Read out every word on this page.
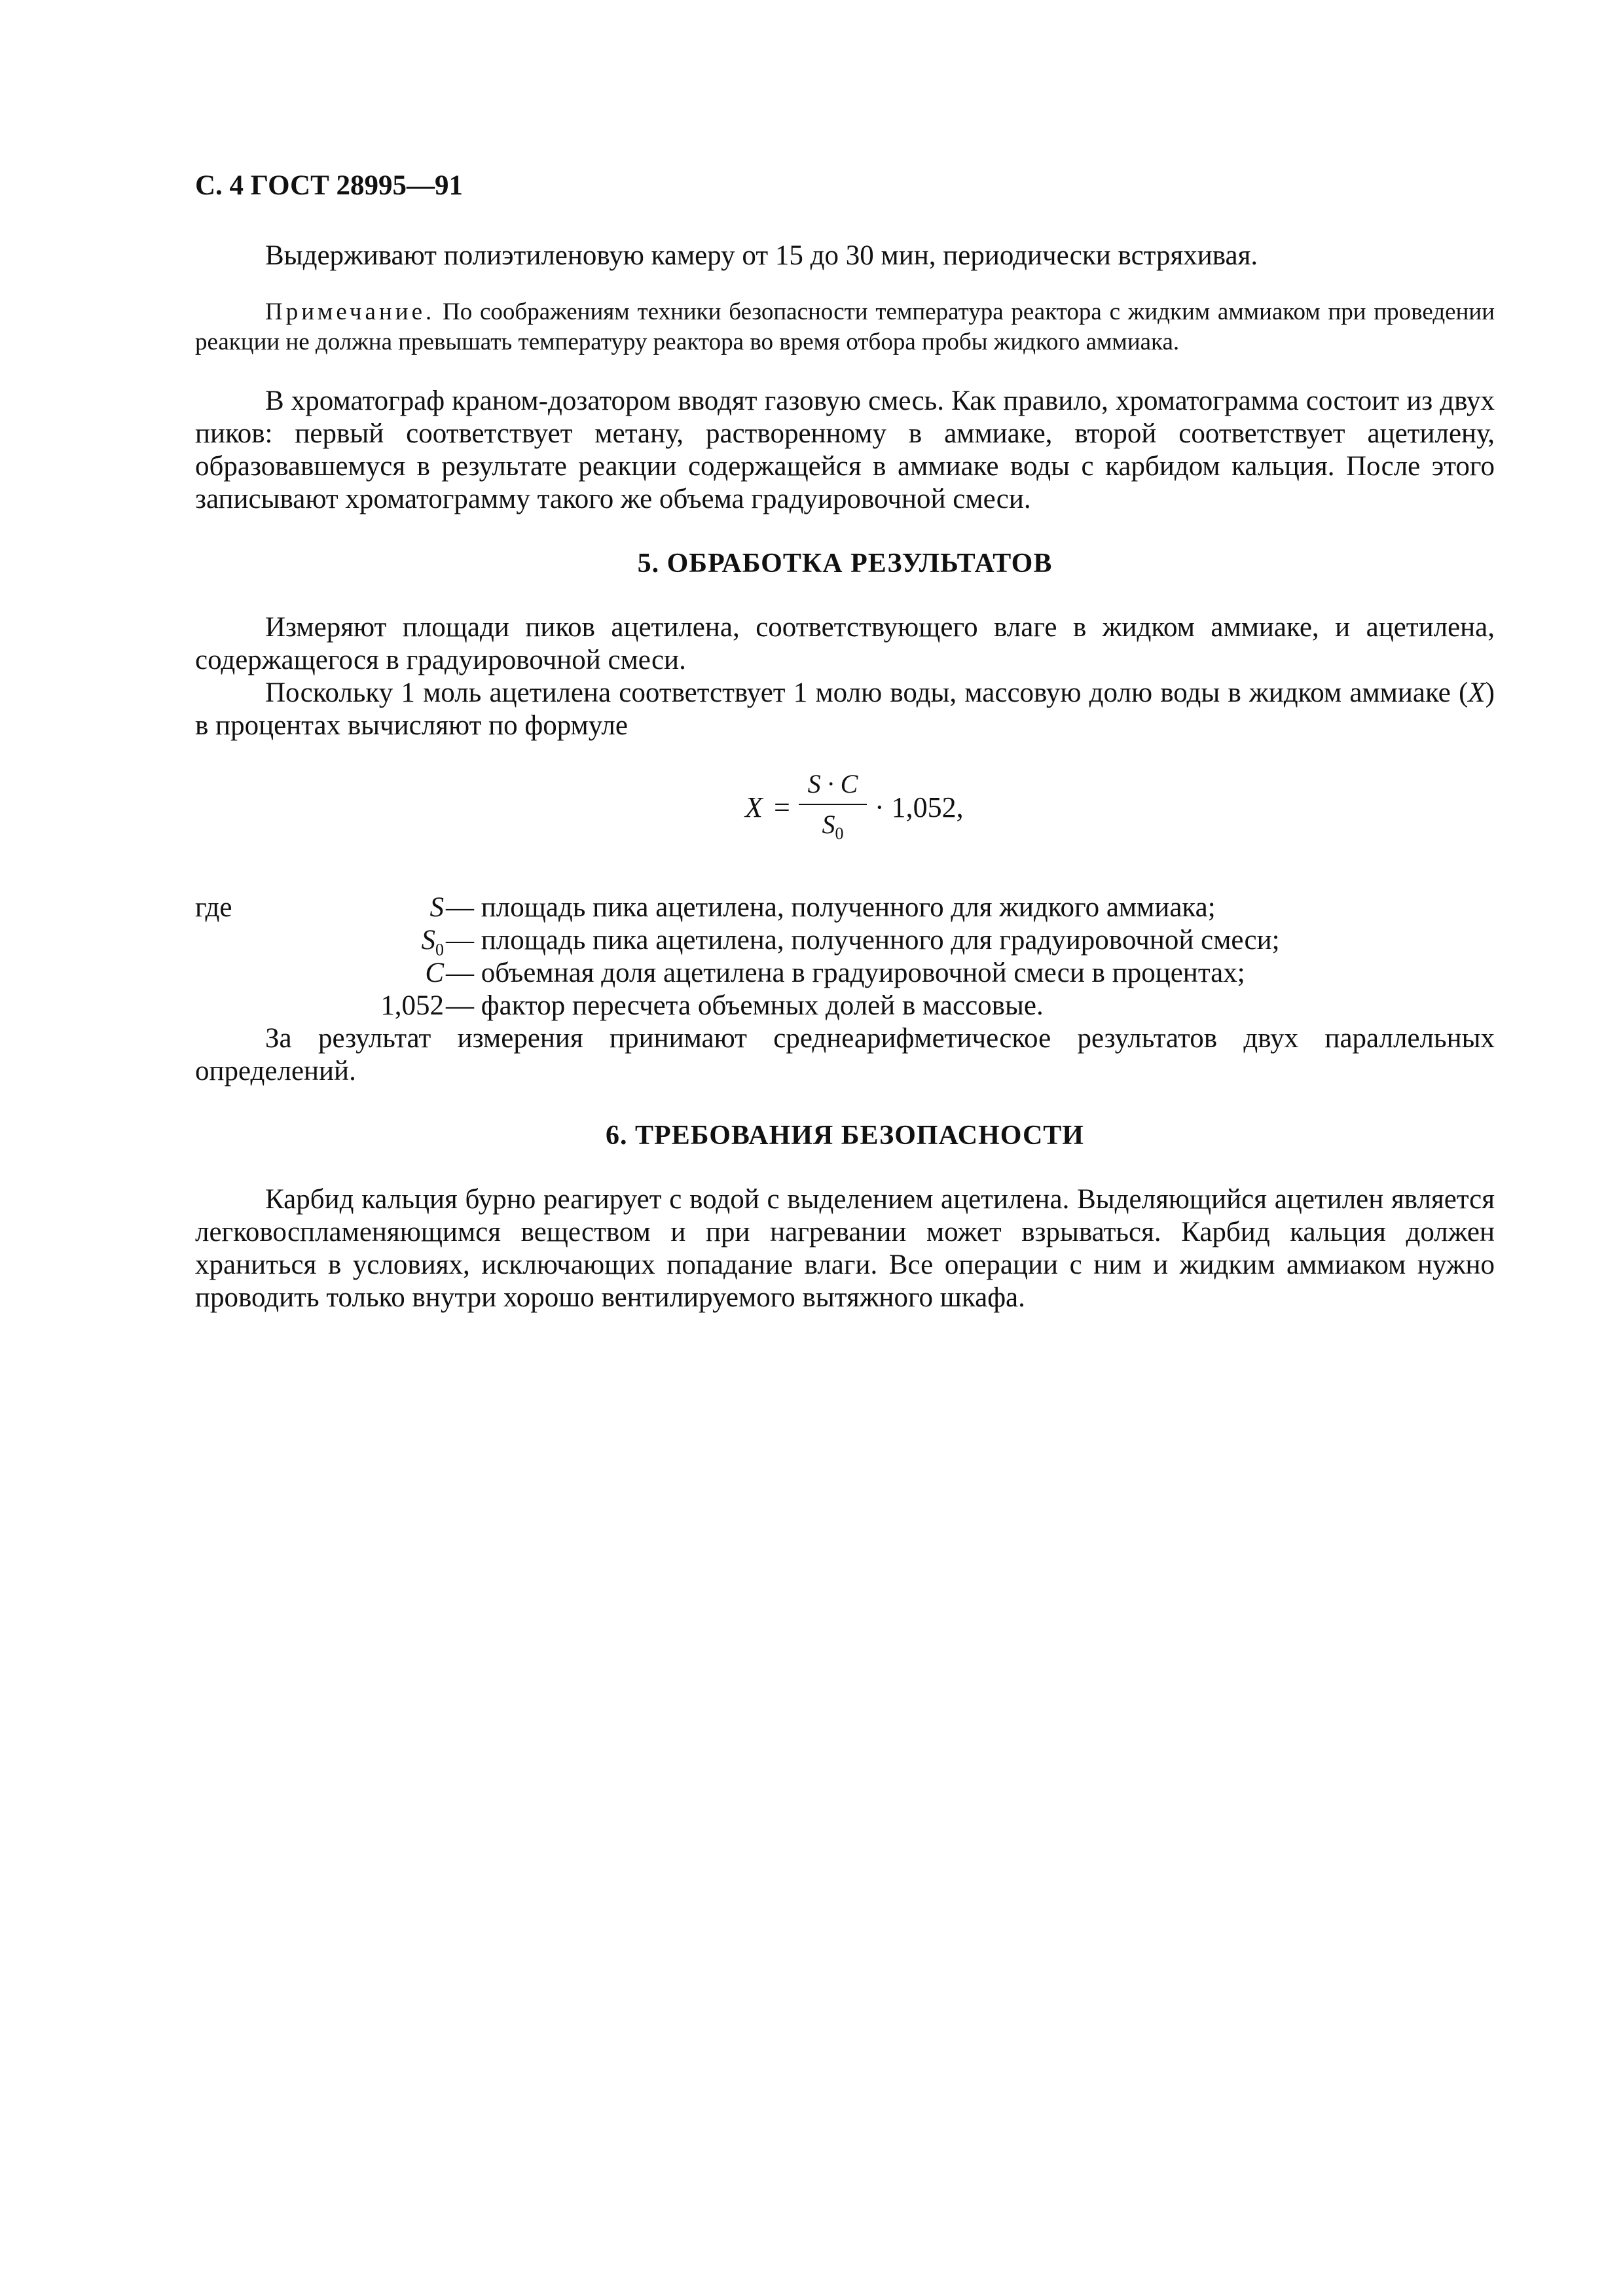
С. 4 ГОСТ 28995—91

Выдерживают полиэтиленовую камеру от 15 до 30 мин, периодически встряхивая.

Примечание. По соображениям техники безопасности температура реактора с жидким аммиаком при проведении реакции не должна превышать температуру реактора во время отбора пробы жидкого аммиака.

В хроматограф краном-дозатором вводят газовую смесь. Как правило, хроматограмма состоит из двух пиков: первый соответствует метану, растворенному в аммиаке, второй соответствует ацетилену, образовавшемуся в результате реакции содержащейся в аммиаке воды с карбидом кальция. После этого записывают хроматограмму такого же объема градуировочной смеси.

5. ОБРАБОТКА РЕЗУЛЬТАТОВ

Измеряют площади пиков ацетилена, соответствующего влаге в жидком аммиаке, и ацетилена, содержащегося в градуировочной смеси.

Поскольку 1 моль ацетилена соответствует 1 молю воды, массовую долю воды в жидком аммиаке (X) в процентах вычисляют по формуле

X =
S · C
$S_0$
· 1,052,
где	S — площадь пика ацетилена, полученного для жидкого аммиака;
$S_0$ — площадь пика ацетилена, полученного для градуировочной смеси;
C — объемная доля ацетилена в градуировочной смеси в процентах;
1,052 — фактор пересчета объемных долей в массовые.

За результат измерения принимают среднеарифметическое результатов двух параллельных определений.

6. ТРЕБОВАНИЯ БЕЗОПАСНОСТИ

Карбид кальция бурно реагирует с водой с выделением ацетилена. Выделяющийся ацетилен является легковоспламеняющимся веществом и при нагревании может взрываться. Карбид кальция должен храниться в условиях, исключающих попадание влаги. Все операции с ним и жидким аммиаком нужно проводить только внутри хорошо вентилируемого вытяжного шкафа.
